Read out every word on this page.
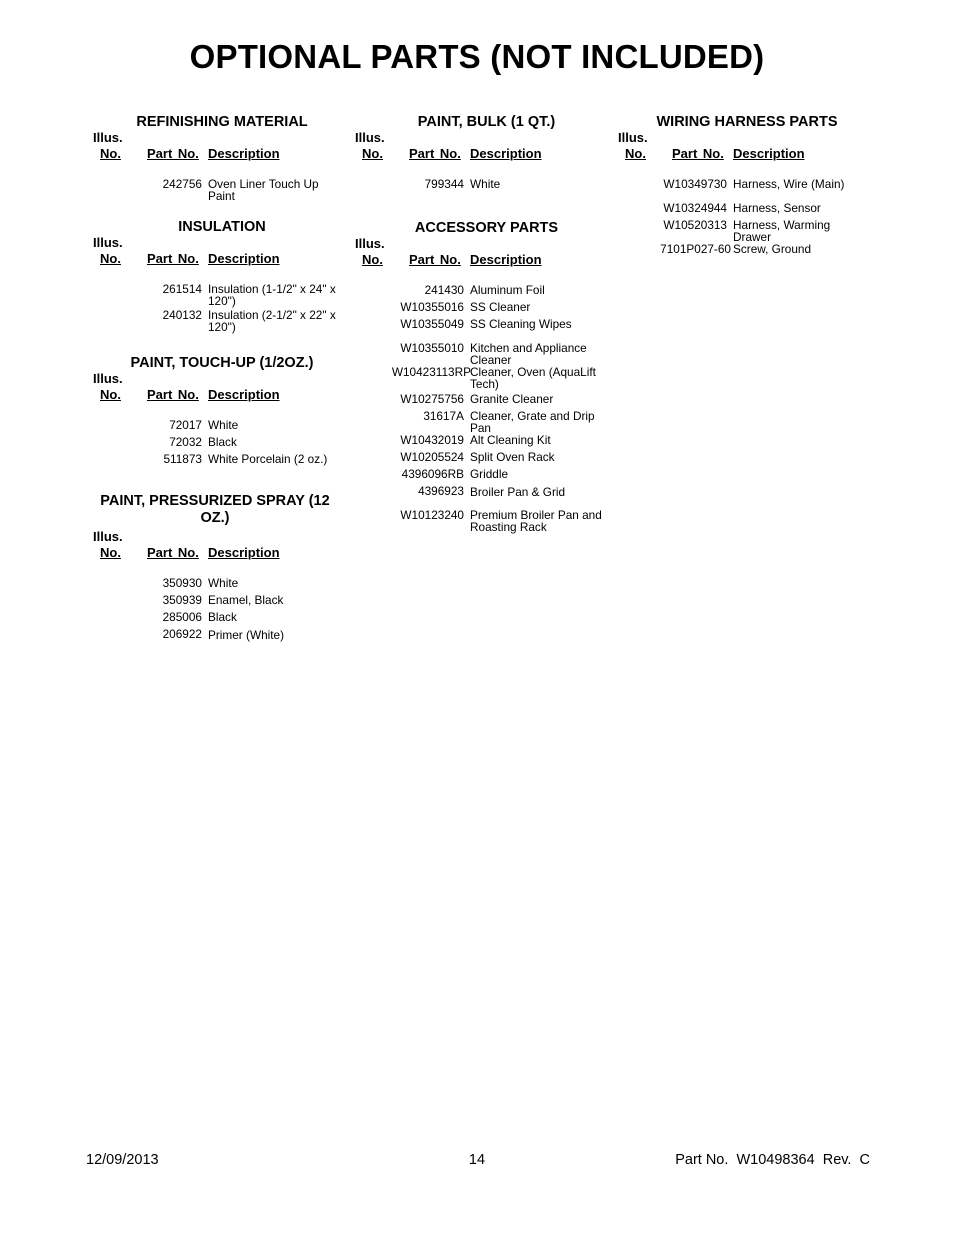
OPTIONAL PARTS (NOT INCLUDED)
REFINISHING MATERIAL
Illus.
No. Part No. Description
242756 Oven Liner Touch Up Paint
INSULATION
Illus.
No. Part No. Description
261514 Insulation (1-1/2" x 24" x 120")
240132 Insulation (2-1/2" x 22" x 120")
PAINT, TOUCH-UP (1/2OZ.)
Illus.
No. Part No. Description
72017 White
72032 Black
511873 White Porcelain (2 oz.)
PAINT, PRESSURIZED SPRAY (12 OZ.)
Illus.
No. Part No. Description
350930 White
350939 Enamel, Black
285006 Black
206922 Primer (White)
PAINT, BULK (1 QT.)
Illus.
No. Part No. Description
799344 White
ACCESSORY PARTS
Illus.
No. Part No. Description
241430 Aluminum Foil
W10355016 SS Cleaner
W10355049 SS Cleaning Wipes
W10355010 Kitchen and Appliance Cleaner
W10423113RP Cleaner, Oven (AquaLift Tech)
W10275756 Granite Cleaner
31617A Cleaner, Grate and Drip Pan
W10432019 Alt Cleaning Kit
W10205524 Split Oven Rack
4396096RB Griddle
4396923 Broiler Pan & Grid
W10123240 Premium Broiler Pan and Roasting Rack
WIRING HARNESS PARTS
Illus.
No. Part No. Description
W10349730 Harness, Wire (Main)
W10324944 Harness, Sensor
W10520313 Harness, Warming Drawer
7101P027-60 Screw, Ground
12/09/2013	14	Part No.  W10498364  Rev.  C
